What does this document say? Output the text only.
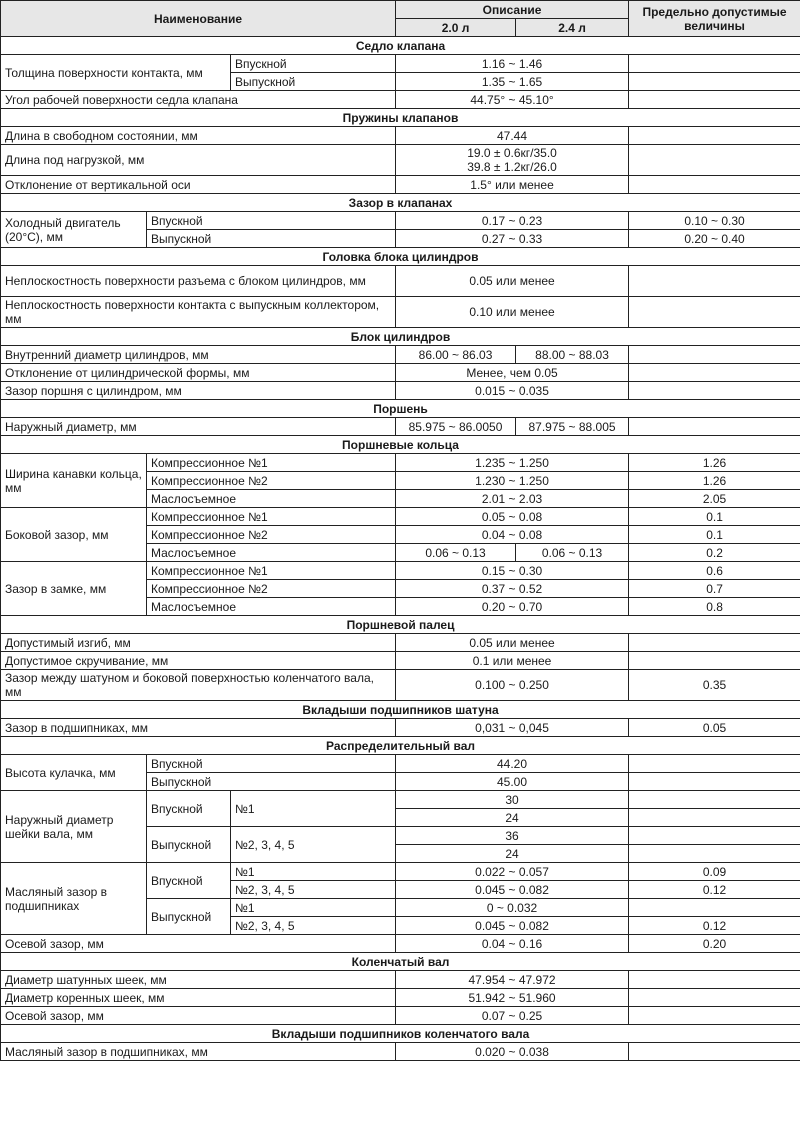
Наименование			Описание		Предельно допустимые величины
			2.0 л	2.4 л	
Седло клапана					
Толщина поверхности контакта, мм		Впускной	1.16 ~ 1.46		
		Выпускной	1.35 ~ 1.65		
Угол рабочей поверхности седла клапана			44.75° ~ 45.10°		
Пружины клапанов					
Длина в свободном состоянии, мм			47.44		
Длина под нагрузкой, мм			19.0 ± 0.6кг/35.0
39.8 ± 1.2кг/26.0		

Отклонение от вертикальной оси			1.5° или менее		
Зазор в клапанах					
Холодный двигатель (20°C), мм	Впускной		0.17 ~ 0.23		0.10 ~ 0.30
	Выпускной		0.27 ~ 0.33		0.20 ~ 0.40
Головка блока цилиндров					
Неплоскостность поверхности разъема с блоком цилиндров, мм			0.05 или менее		
Неплоскостность поверхности контакта с выпускным коллектором, мм			0.10 или менее		
Блок цилиндров					
Внутренний диаметр цилиндров, мм			86.00 ~ 86.03	88.00 ~ 88.03	
Отклонение от цилиндрической формы, мм			Менее, чем 0.05		
Зазор поршня с цилиндром, мм			0.015 ~ 0.035		
Поршень					
Наружный диаметр, мм			85.975 ~ 86.0050	87.975 ~ 88.005	
Поршневые кольца					
Ширина канавки кольца, мм	Компрессионное №1		1.235 ~ 1.250		1.26
	Компрессионное №2		1.230 ~ 1.250		1.26
	Маслосъемное		2.01 ~ 2.03		2.05
Боковой зазор, мм	Компрессионное №1		0.05 ~ 0.08		0.1
	Компрессионное №2		0.04 ~ 0.08		0.1
	Маслосъемное		0.06 ~ 0.13	0.06 ~ 0.13	0.2
Зазор в замке, мм	Компрессионное №1		0.15 ~ 0.30		0.6
	Компрессионное №2		0.37 ~ 0.52		0.7
	Маслосъемное		0.20 ~ 0.70		0.8
Поршневой палец					
Допустимый изгиб, мм			0.05 или менее		
Допустимое скручивание, мм			0.1 или менее		
Зазор между шатуном и боковой поверхностью коленчатого вала, мм			0.100 ~ 0.250		0.35
Вкладыши подшипников шатуна					
Зазор в подшипниках, мм			0,031 ~ 0,045		0.05
Распределительный вал					
Высота кулачка, мм	Впускной		44.20		
	Выпускной		45.00		
Наружный диаметр шейки вала, мм	Впускной	№1	30		
			24		
	Выпускной	№2, 3, 4, 5	36		
			24		
Масляный зазор в подшипниках	Впускной	№1	0.022 ~ 0.057		0.09
		№2, 3, 4, 5	0.045 ~ 0.082		0.12
	Выпускной	№1	0 ~ 0.032		
		№2, 3, 4, 5	0.045 ~ 0.082		0.12
Осевой зазор, мм			0.04 ~ 0.16		0.20
Коленчатый вал					
Диаметр шатунных шеек, мм			47.954 ~ 47.972		
Диаметр коренных шеек, мм			51.942 ~ 51.960		
Осевой зазор, мм			0.07 ~ 0.25		
Вкладыши подшипников коленчатого вала					
Масляный зазор в подшипниках, мм			0.020 ~ 0.038		
